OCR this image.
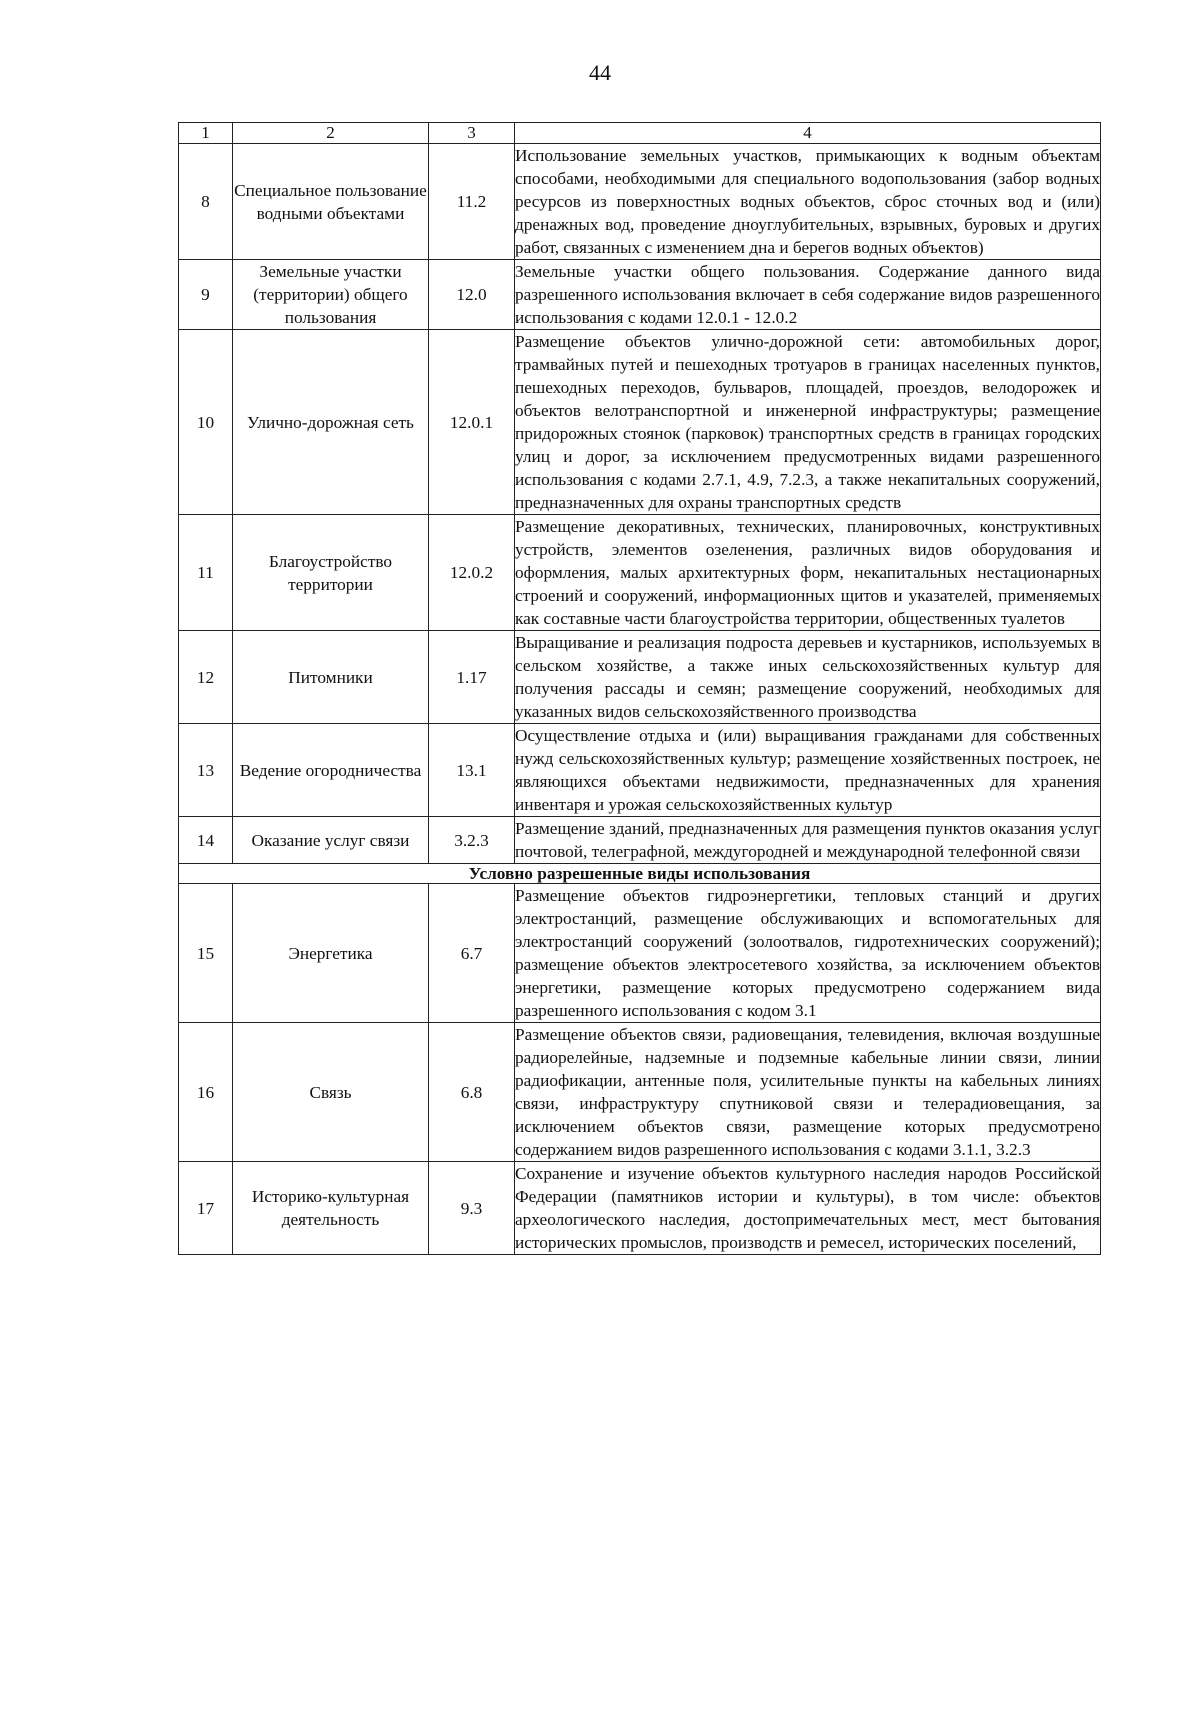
44
1	2	3	4
8	Специальное пользование водными объектами	11.2	Использование земельных участков, примыкающих к водным объектам способами, необходимыми для специального водопользования (забор водных ресурсов из поверхностных водных объектов, сброс сточных вод и (или) дренажных вод, проведение дноуглубительных, взрывных, буровых и других работ, связанных с изменением дна и берегов водных объектов)
9	Земельные участки (территории) общего пользования	12.0	Земельные участки общего пользования. Содержание данного вида разрешенного использования включает в себя содержание видов разрешенного использования с кодами 12.0.1 - 12.0.2
10	Улично-дорожная сеть	12.0.1	Размещение объектов улично-дорожной сети: автомобильных дорог, трамвайных путей и пешеходных тротуаров в границах населенных пунктов, пешеходных переходов, бульваров, площадей, проездов, велодорожек и объектов велотранспортной и инженерной инфраструктуры; размещение придорожных стоянок (парковок) транспортных средств в границах городских улиц и дорог, за исключением предусмотренных видами разрешенного использования с кодами 2.7.1, 4.9, 7.2.3, а также некапитальных сооружений, предназначенных для охраны транспортных средств
11	Благоустройство территории	12.0.2	Размещение декоративных, технических, планировочных, конструктивных устройств, элементов озеленения, различных видов оборудования и оформления, малых архитектурных форм, некапитальных нестационарных строений и сооружений, информационных щитов и указателей, применяемых как составные части благоустройства территории, общественных туалетов
12	Питомники	1.17	Выращивание и реализация подроста деревьев и кустарников, используемых в сельском хозяйстве, а также иных сельскохозяйственных культур для получения рассады и семян; размещение сооружений, необходимых для указанных видов сельскохозяйственного производства
13	Ведение огородничества	13.1	Осуществление отдыха и (или) выращивания гражданами для собственных нужд сельскохозяйственных культур; размещение хозяйственных построек, не являющихся объектами недвижимости, предназначенных для хранения инвентаря и урожая сельскохозяйственных культур
14	Оказание услуг связи	3.2.3	Размещение зданий, предназначенных для размещения пунктов оказания услуг почтовой, телеграфной, междугородней и международной телефонной связи
Условно разрешенные виды использования			
15	Энергетика	6.7	Размещение объектов гидроэнергетики, тепловых станций и других электростанций, размещение обслуживающих и вспомогательных для электростанций сооружений (золоотвалов, гидротехнических сооружений); размещение объектов электросетевого хозяйства, за исключением объектов энергетики, размещение которых предусмотрено содержанием вида разрешенного использования с кодом 3.1
16	Связь	6.8	Размещение объектов связи, радиовещания, телевидения, включая воздушные радиорелейные, надземные и подземные кабельные линии связи, линии радиофикации, антенные поля, усилительные пункты на кабельных линиях связи, инфраструктуру спутниковой связи и телерадиовещания, за исключением объектов связи, размещение которых предусмотрено содержанием видов разрешенного использования с кодами 3.1.1, 3.2.3
17	Историко-культурная деятельность	9.3	Сохранение и изучение объектов культурного наследия народов Российской Федерации (памятников истории и культуры), в том числе: объектов археологического наследия, достопримечательных мест, мест бытования исторических промыслов, производств и ремесел, исторических поселений,
